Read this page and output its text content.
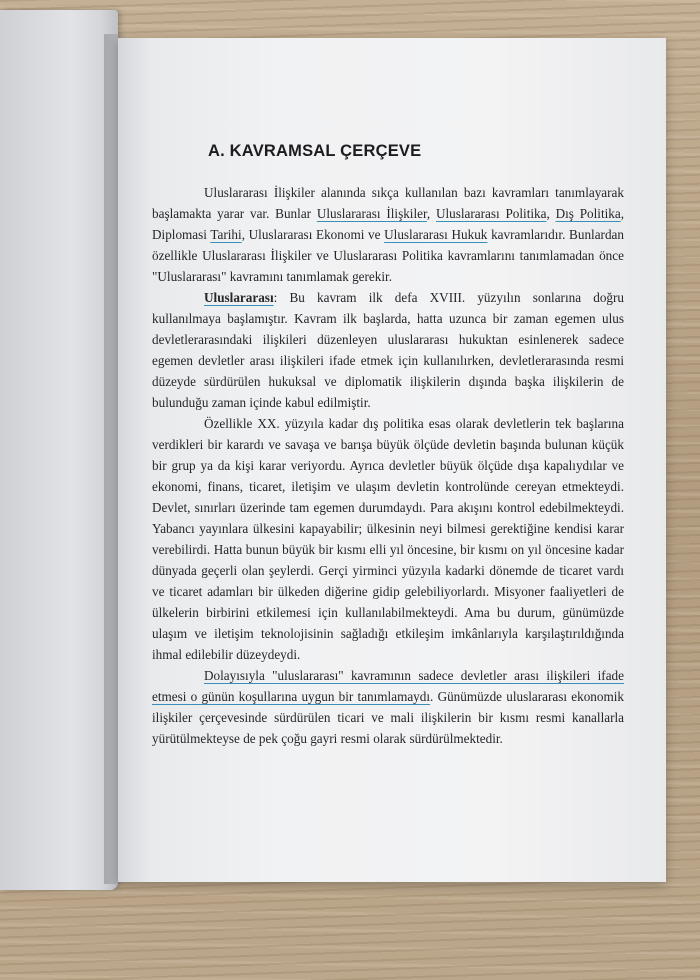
A. KAVRAMSAL ÇERÇEVE

Uluslararası İlişkiler alanında sıkça kullanılan bazı kavramları tanımlayarak başlamakta yarar var. Bunlar Uluslararası İlişkiler, Uluslararası Politika, Dış Politika, Diplomasi Tarihi, Uluslararası Ekonomi ve Uluslararası Hukuk kavramlarıdır. Bunlardan özellikle Uluslararası İlişkiler ve Uluslararası Politika kavramlarını tanımlamadan önce "Uluslararası" kavramını tanımlamak gerekir.

Uluslararası: Bu kavram ilk defa XVIII. yüzyılın sonlarına doğru kullanılmaya başlamıştır. Kavram ilk başlarda, hatta uzunca bir zaman egemen ulus devletlerarasındaki ilişkileri düzenleyen uluslararası hukuktan esinlenerek sadece egemen devletler arası ilişkileri ifade etmek için kullanılırken, devletlerarasında resmi düzeyde sürdürülen hukuksal ve diplomatik ilişkilerin dışında başka ilişkilerin de bulunduğu zaman içinde kabul edilmiştir.

Özellikle XX. yüzyıla kadar dış politika esas olarak devletlerin tek başlarına verdikleri bir karardı ve savaşa ve barışa büyük ölçüde devletin başında bulunan küçük bir grup ya da kişi karar veriyordu. Ayrıca devletler büyük ölçüde dışa kapalıydılar ve ekonomi, finans, ticaret, iletişim ve ulaşım devletin kontrolünde cereyan etmekteydi. Devlet, sınırları üzerinde tam egemen durumdaydı. Para akışını kontrol edebilmekteydi. Yabancı yayınlara ülkesini kapayabilir; ülkesinin neyi bilmesi gerektiğine kendisi karar verebilirdi. Hatta bunun büyük bir kısmı elli yıl öncesine, bir kısmı on yıl öncesine kadar dünyada geçerli olan şeylerdi. Gerçi yirminci yüzyıla kadarki dönemde de ticaret vardı ve ticaret adamları bir ülkeden diğerine gidip gelebiliyorlardı. Misyoner faaliyetleri de ülkelerin birbirini etkilemesi için kullanılabilmekteydi. Ama bu durum, günümüzde ulaşım ve iletişim teknolojisinin sağladığı etkileşim imkânlarıyla karşılaştırıldığında ihmal edilebilir düzeydeydi.

Dolayısıyla "uluslararası" kavramının sadece devletler arası ilişkileri ifade etmesi o günün koşullarına uygun bir tanımlamaydı. Günümüzde uluslararası ekonomik ilişkiler çerçevesinde sürdürülen ticari ve mali ilişkilerin bir kısmı resmi kanallarla yürütülmekteyse de pek çoğu gayri resmi olarak sürdürülmektedir.
